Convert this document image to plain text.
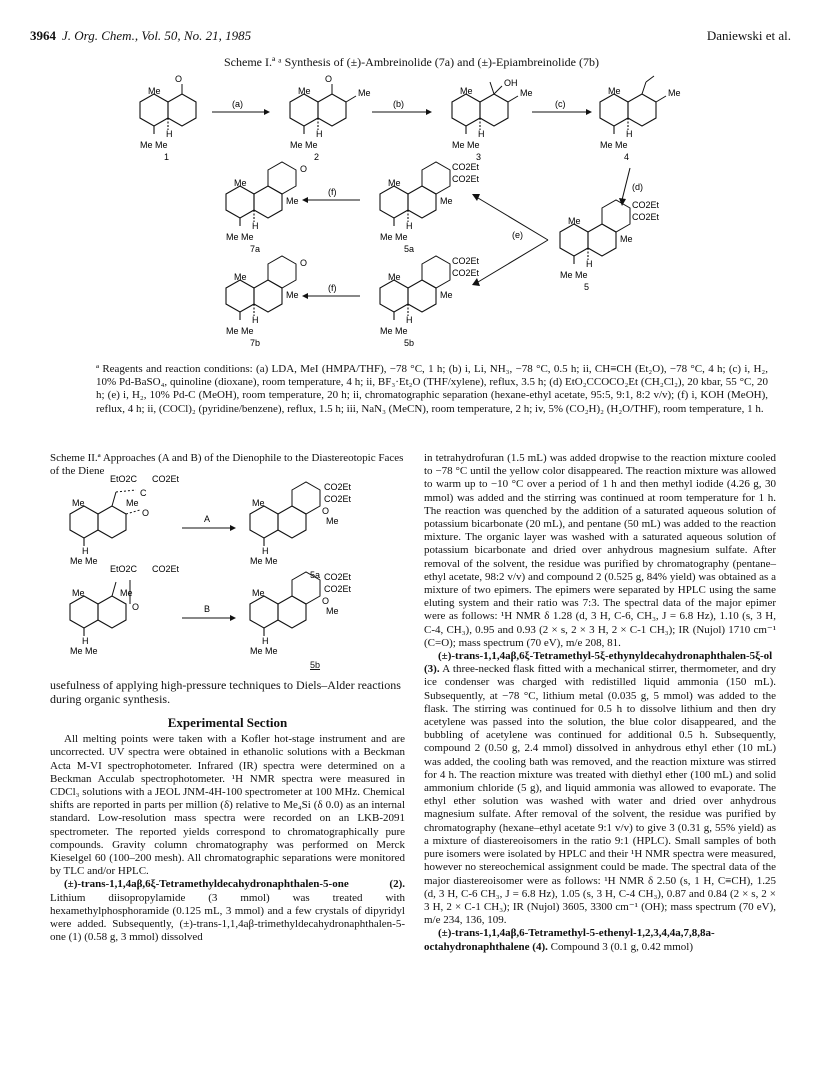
3964 J. Org. Chem., Vol. 50, No. 21, 1985	Daniewski et al.
Scheme I.ª ᵃ Synthesis of (±)-Ambreinolide (7a) and (±)-Epiambreinolide (7b)
O
Me
H
Me Me
1
(a)
O
Me
Me
H
Me Me
2
(b)
OH
Me
Me
H
Me Me
3
(c)
Me
Me
H
Me Me
4
(d)
CO2Et
CO2Et
Me
Me
H
Me Me
5
(e)
CO2Et
CO2Et
Me
Me
H
Me Me
5a
(f)
O
Me
Me
H
Me Me
7a
CO2Et
CO2Et
Me
Me
H
Me Me
5b
(f)
O
Me
Me
H
Me Me
7b
ª Reagents and reaction conditions: (a) LDA, MeI (HMPA/THF), −78 °C, 1 h; (b) i, Li, NH₃, −78 °C, 0.5 h; ii, CH≡CH (Et₂O), −78 °C, 4 h; (c) i, H₂, 10% Pd-BaSO₄, quinoline (dioxane), room temperature, 4 h; ii, BF₃·Et₂O (THF/xylene), reflux, 3.5 h; (d) EtO₂CCOCO₂Et (CH₂Cl₂), 20 kbar, 55 °C, 20 h; (e) i, H₂, 10% Pd-C (MeOH), room temperature, 20 h; ii, chromatographic separation (hexane-ethyl acetate, 95:5, 9:1, 8:2 v/v); (f) i, KOH (MeOH), reflux, 4 h; ii, (COCl)₂ (pyridine/benzene), reflux, 1.5 h; iii, NaN₃ (MeCN), room temperature, 2 h; iv, 5% (CO₂H)₂ (H₂O/THF), room temperature, 1 h.
Scheme II.ª Approaches (A and B) of the Dienophile to the Diastereotopic Faces of the Diene
EtO2C CO2Et
C
O
Me
Me
H
Me Me
A
CO2Et
CO2Et
O
Me
Me
H
Me Me
5a
EtO2C CO2Et
O
Me
Me
H
Me Me
B
CO2Et
CO2Et
O
Me
Me
H
Me Me
5b

usefulness of applying high-pressure techniques to Diels–Alder reactions during organic synthesis.

Experimental Section

All melting points were taken with a Kofler hot-stage instrument and are uncorrected. UV spectra were obtained in ethanolic solutions with a Beckman Acta M-VI spectrophotometer. Infrared (IR) spectra were determined on a Beckman Acculab spectrophotometer. ¹H NMR spectra were measured in CDCl₃ solutions with a JEOL JNM-4H-100 spectrometer at 100 MHz. Chemical shifts are reported in parts per million (δ) relative to Me₄Si (δ 0.0) as an internal standard. Low-resolution mass spectra were recorded on an LKB-2091 spectrometer. The reported yields correspond to chromatographically pure compounds. Gravity column chromatography was performed on Merck Kieselgel 60 (100–200 mesh). All chromatographic separations were monitored by TLC and/or HPLC.

(±)-trans-1,1,4aβ,6ξ-Tetramethyldecahydronaphthalen-5-one (2). Lithium diisopropylamide (3 mmol) was treated with hexamethylphosphoramide (0.125 mL, 3 mmol) and a few crystals of dipyridyl were added. Subsequently, (±)-trans-1,1,4aβ-trimethyldecahydronaphthalen-5-one (1) (0.58 g, 3 mmol) dissolved

in tetrahydrofuran (1.5 mL) was added dropwise to the reaction mixture cooled to −78 °C until the yellow color disappeared. The reaction mixture was allowed to warm up to −10 °C over a period of 1 h and then methyl iodide (4.26 g, 30 mmol) was added and the stirring was continued at room temperature for 1 h. The reaction was quenched by the addition of a saturated aqueous solution of potassium bicarbonate (20 mL), and pentane (50 mL) was added to the reaction mixture. The organic layer was washed with a saturated aqueous solution of potassium bicarbonate and dried over anhydrous magnesium sulfate. After removal of the solvent, the residue was purified by chromatography (pentane–ethyl acetate, 98:2 v/v) and compound 2 (0.525 g, 84% yield) was obtained as a mixture of two epimers. The epimers were separated by HPLC using the same eluting system and their ratio was 7:3. The spectral data of the major epimer were as follows: ¹H NMR δ 1.28 (d, 3 H, C-6, CH₃, J = 6.8 Hz), 1.10 (s, 3 H, C-4, CH₃), 0.95 and 0.93 (2 × s, 2 × 3 H, 2 × C-1 CH₃); IR (Nujol) 1710 cm⁻¹ (C=O); mass spectrum (70 eV), m/e 208, 81.

(±)-trans-1,1,4aβ,6ξ-Tetramethyl-5ξ-ethynyldecahydronaphthalen-5ξ-ol (3). A three-necked flask fitted with a mechanical stirrer, thermometer, and dry ice condenser was charged with redistilled liquid ammonia (150 mL). Subsequently, at −78 °C, lithium metal (0.035 g, 5 mmol) was added to the flask. The stirring was continued for 0.5 h to dissolve lithium and then dry acetylene was passed into the solution, the blue color disappeared, and the bubbling of acetylene was continued for additional 0.5 h. Subsequently, compound 2 (0.50 g, 2.4 mmol) dissolved in anhydrous ethyl ether (10 mL) was added, the cooling bath was removed, and the reaction mixture was stirred for 4 h. The reaction mixture was treated with diethyl ether (100 mL) and solid ammonium chloride (5 g), and liquid ammonia was allowed to evaporate. The ethyl ether solution was washed with water and dried over anhydrous magnesium sulfate. After removal of the solvent, the residue was purified by chromatography (hexane–ethyl acetate 9:1 v/v) to give 3 (0.31 g, 55% yield) as a mixture of diastereoisomers in the ratio 9:1 (HPLC). Small samples of both pure isomers were isolated by HPLC and their ¹H NMR spectra were measured, however no stereochemical assignment could be made. The spectral data of the major diastereoisomer were as follows: ¹H NMR δ 2.50 (s, 1 H, C≡CH), 1.25 (d, 3 H, C-6 CH₃, J = 6.8 Hz), 1.05 (s, 3 H, C-4 CH₃), 0.87 and 0.84 (2 × s, 2 × 3 H, 2 × C-1 CH₃); IR (Nujol) 3605, 3300 cm⁻¹ (OH); mass spectrum (70 eV), m/e 234, 136, 109.

(±)-trans-1,1,4aβ,6-Tetramethyl-5-ethenyl-1,2,3,4,4a,7,8,8a-octahydronaphthalene (4). Compound 3 (0.1 g, 0.42 mmol)
